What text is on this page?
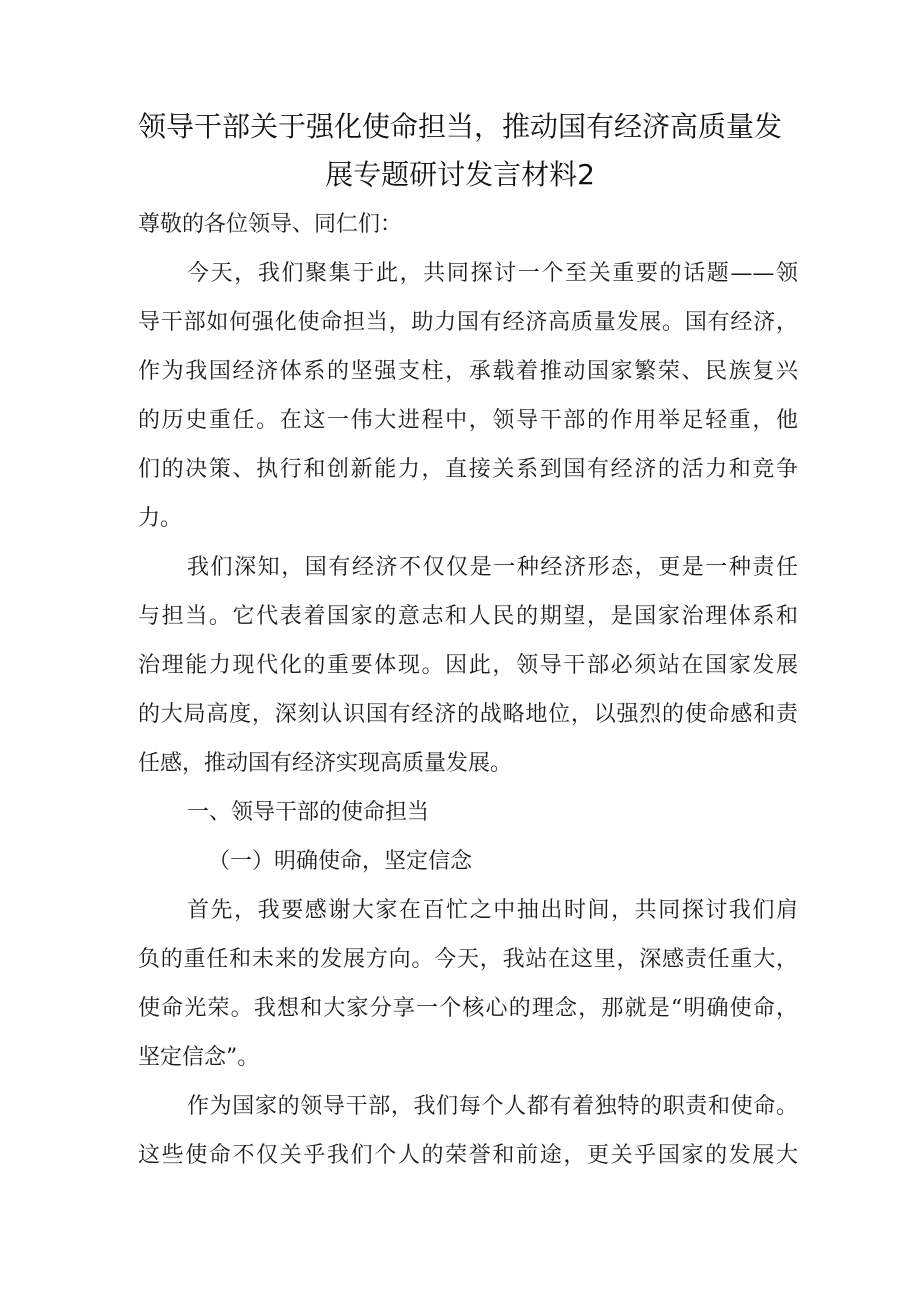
领导干部关于强化使命担当，推动国有经济高质量发
展专题研讨发言材料2
尊敬的各位领导、同仁们：
今天，我们聚集于此，共同探讨一个至关重要的话题——领
导干部如何强化使命担当，助力国有经济高质量发展。国有经济，
作为我国经济体系的坚强支柱，承载着推动国家繁荣、民族复兴
的历史重任。在这一伟大进程中，领导干部的作用举足轻重，他
们的决策、执行和创新能力，直接关系到国有经济的活力和竞争
力。
我们深知，国有经济不仅仅是一种经济形态，更是一种责任
与担当。它代表着国家的意志和人民的期望，是国家治理体系和
治理能力现代化的重要体现。因此，领导干部必须站在国家发展
的大局高度，深刻认识国有经济的战略地位，以强烈的使命感和责
任感，推动国有经济实现高质量发展。
一、领导干部的使命担当
（一）明确使命，坚定信念
首先，我要感谢大家在百忙之中抽出时间，共同探讨我们肩
负的重任和未来的发展方向。今天，我站在这里，深感责任重大，
使命光荣。我想和大家分享一个核心的理念，那就是“明确使命，
坚定信念”。
作为国家的领导干部，我们每个人都有着独特的职责和使命。
这些使命不仅关乎我们个人的荣誉和前途，更关乎国家的发展大
